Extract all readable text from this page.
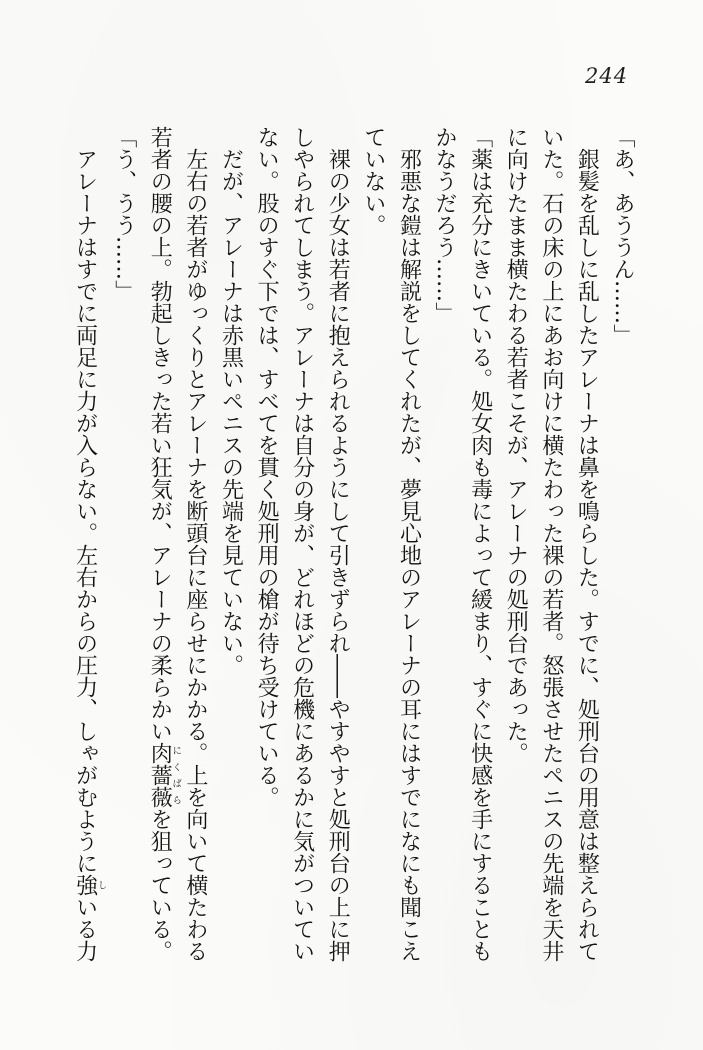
244

「あ、あううん……」

銀髪を乱しに乱したアレーナは鼻を鳴らした。すでに、処刑台の用意は整えられていた。石の床の上にあお向けに横たわった裸の若者。怒張させたペニスの先端を天井に向けたまま横たわる若者こそが、アレーナの処刑台であった。

「薬は充分にきいている。処女肉も毒によって緩まり、すぐに快感を手にすることもかなうだろう……」

邪悪な鎧は解説をしてくれたが、夢見心地のアレーナの耳にはすでになにも聞こえていない。

裸の少女は若者に抱えられるようにして引きずられ――やすやすと処刑台の上に押しやられてしまう。アレーナは自分の身が、どれほどの危機にあるかに気がついていない。股のすぐ下では、すべてを貫く処刑用の槍が待ち受けている。

だが、アレーナは赤黒いペニスの先端を見ていない。

左右の若者がゆっくりとアレーナを断頭台に座らせにかかる。上を向いて横たわる若者の腰の上。勃起しきった若い狂気が、アレーナの柔らかい肉薔薇にくばらを狙っている。

「う、うう……」

アレーナはすでに両足に力が入らない。左右からの圧力、しゃがむように強しいる力
